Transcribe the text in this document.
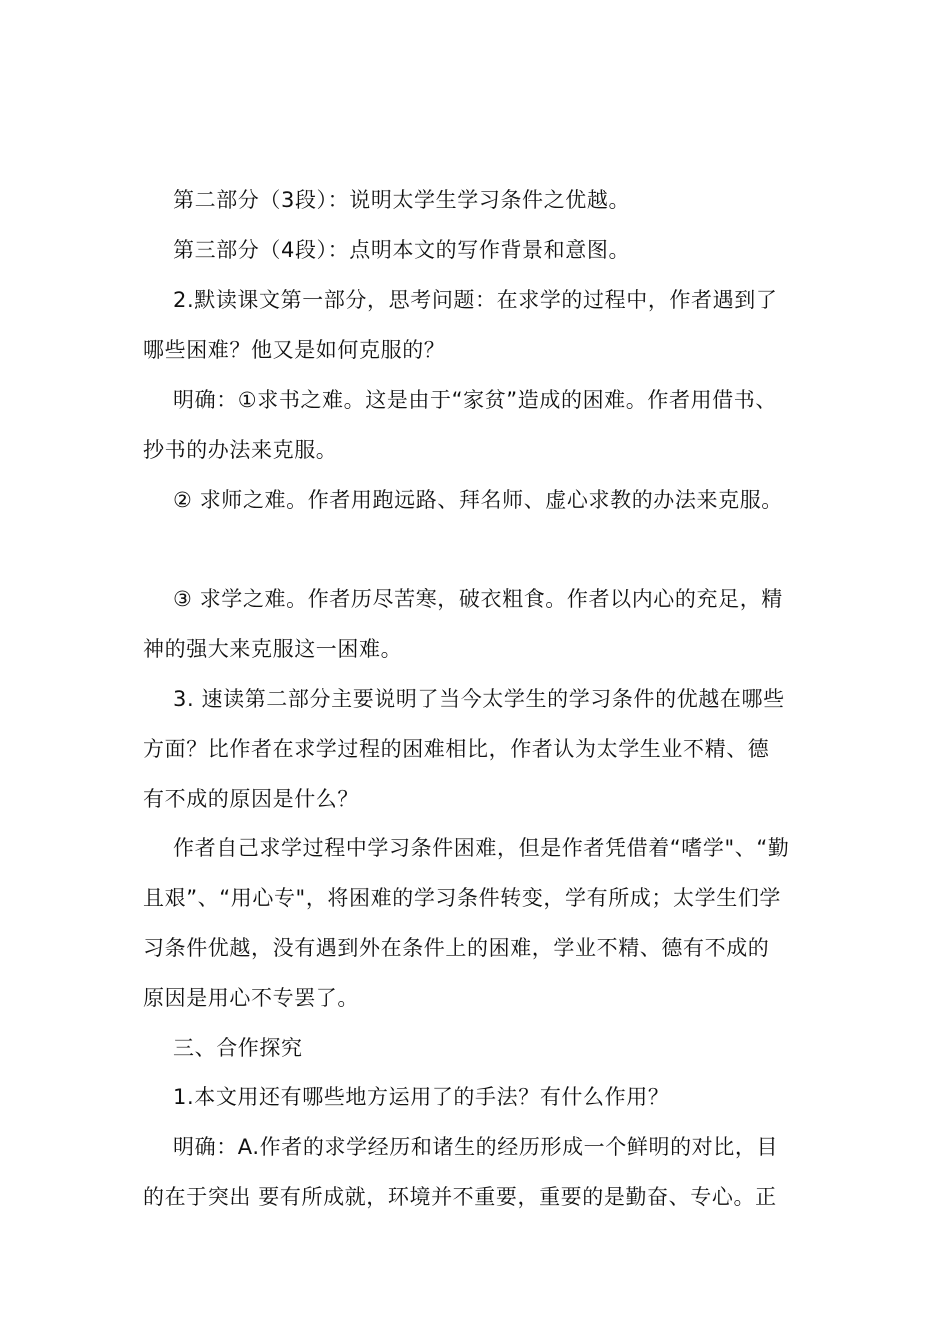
第二部分（3段）：说明太学生学习条件之优越。
第三部分（4段）：点明本文的写作背景和意图。
2.默读课文第一部分，思考问题：在求学的过程中，作者遇到了
哪些困难？他又是如何克服的？
明确：①求书之难。这是由于“家贫”造成的困难。作者用借书、
抄书的办法来克服。
② 求师之难。作者用跑远路、拜名师、虚心求教的办法来克服。
③ 求学之难。作者历尽苦寒，破衣粗食。作者以内心的充足，精
神的强大来克服这一困难。
3. 速读第二部分主要说明了当今太学生的学习条件的优越在哪些
方面？比作者在求学过程的困难相比，作者认为太学生业不精、德
有不成的原因是什么？
作者自己求学过程中学习条件困难，但是作者凭借着“嗜学"、“勤
且艰”、“用心专"，将困难的学习条件转变，学有所成；太学生们学
习条件优越，没有遇到外在条件上的困难，学业不精、德有不成的
原因是用心不专罢了。
三、合作探究
1.本文用还有哪些地方运用了的手法？有什么作用？
明确：A.作者的求学经历和诸生的经历形成一个鲜明的对比，目
的在于突出 要有所成就，环境并不重要，重要的是勤奋、专心。正
